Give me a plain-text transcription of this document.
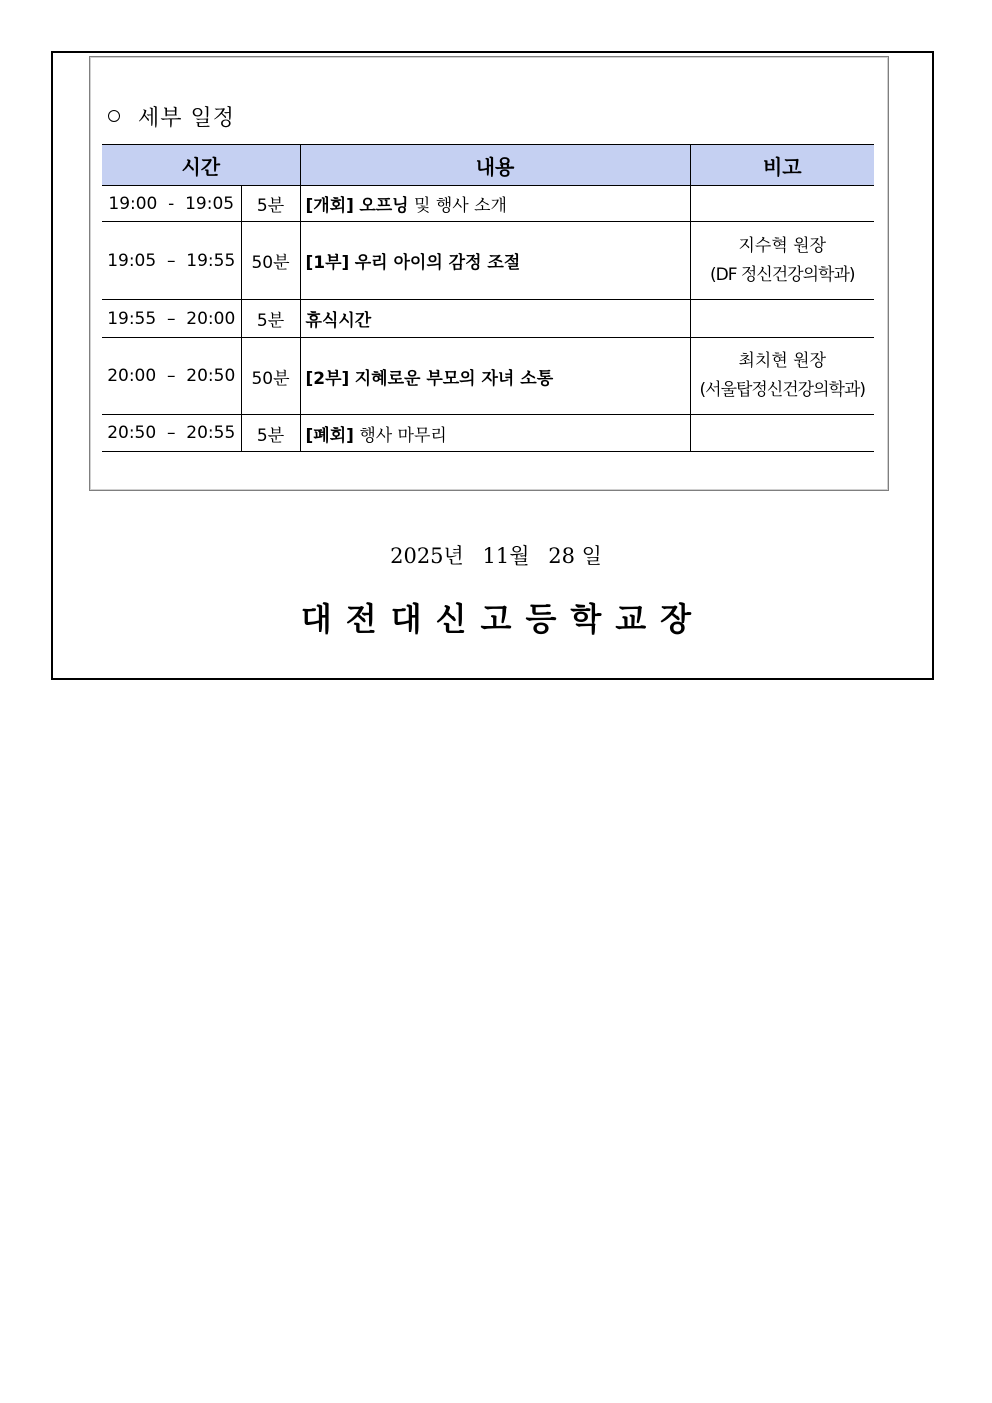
세부 일정
시간		내용	비고
19:00  -  19:05	5분	[개회] 오프닝 및 행사 소개	
19:05  –  19:55	50분	[1부] 우리 아이의 감정 조절	지수혁 원장
(DF 정신건강의학과)

19:55  –  20:00	5분	휴식시간	
20:00  –  20:50	50분	[2부] 지혜로운 부모의 자녀 소통	최치현 원장
(서울탑정신건강의학과)

20:50  –  20:55	5분	[폐회] 행사 마무리	
2025년 11월 28 일
대전대신고등학교장
